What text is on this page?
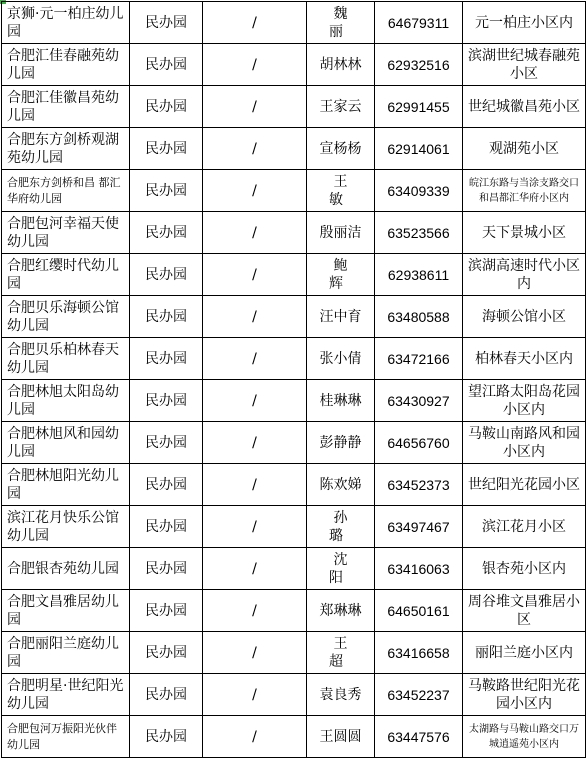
京狮·元一柏庄幼儿园	民办园	/	魏 丽	64679311	元一柏庄小区内
合肥汇佳春融苑幼儿园	民办园	/	胡林林	62932516	滨湖世纪城春融苑小区
合肥汇佳徽昌苑幼儿园	民办园	/	王家云	62991455	世纪城徽昌苑小区
合肥东方剑桥观湖苑幼儿园	民办园	/	宣杨杨	62914061	观湖苑小区
合肥东方剑桥和昌 都汇华府幼儿园	民办园	/	王 敏	63409339	皖江东路与当涂支路交口和昌都汇华府小区内
合肥包河幸福天使幼儿园	民办园	/	殷丽洁	63523566	天下景城小区
合肥红缨时代幼儿园	民办园	/	鲍 辉	62938611	滨湖高速时代小区内
合肥贝乐海顿公馆幼儿园	民办园	/	汪中育	63480588	海顿公馆小区
合肥贝乐柏林春天幼儿园	民办园	/	张小倩	63472166	柏林春天小区内
合肥林旭太阳岛幼儿园	民办园	/	桂琳琳	63430927	望江路太阳岛花园小区内
合肥林旭风和园幼儿园	民办园	/	彭静静	64656760	马鞍山南路风和园小区内
合肥林旭阳光幼儿园	民办园	/	陈欢娣	63452373	世纪阳光花园小区
滨江花月快乐公馆幼儿园	民办园	/	孙 璐	63497467	滨江花月小区
合肥银杏苑幼儿园	民办园	/	沈 阳	63416063	银杏苑小区内
合肥文昌雅居幼儿园	民办园	/	郑琳琳	64650161	周谷堆文昌雅居小区
合肥丽阳兰庭幼儿园	民办园	/	王 超	63416658	丽阳兰庭小区内
合肥明星·世纪阳光幼儿园	民办园	/	袁良秀	63452237	马鞍路世纪阳光花园小区内
合肥包河万振阳光伙伴幼儿园	民办园	/	王圆圆	63447576	太湖路与马鞍山路交口万城逍遥苑小区内
